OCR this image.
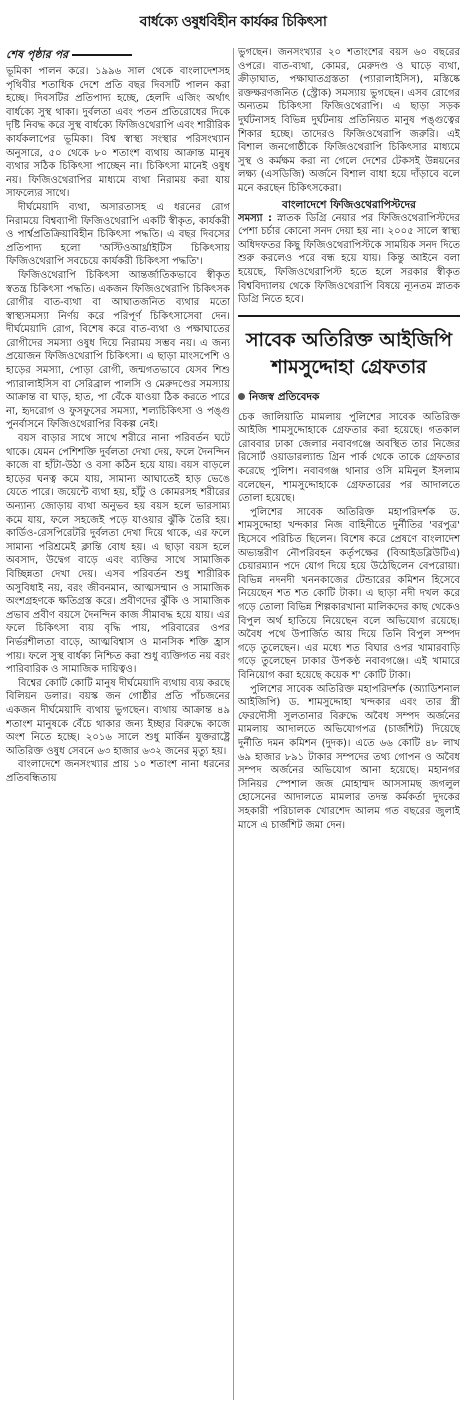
বার্ধক্যে ওষুধবিহীন কার্যকর চিকিৎসা
শেষ পৃষ্ঠার পর

ভূমিকা পালন করে। ১৯৯৬ সাল থেকে বাংলাদেশসহ পৃথিবীর শতাধিক দেশে প্রতি বছর দিবসটি পালন করা হচ্ছে। দিবসটির প্রতিপাদ্য হচ্ছে, হেলদি এজিং অর্থাৎ বার্ধক্যে সুস্থ থাকা। দুর্বলতা এবং পতন প্রতিরোধের দিকে দৃষ্টি নিবদ্ধ করে সুস্থ বার্ধক্যে ফিজিওথেরাপি এবং শারীরিক কার্যকলাপের ভূমিকা। বিশ্ব স্বাস্থ্য সংস্থার পরিসংখ্যান অনুসারে, ৫০ থেকে ৮০ শতাংশ ব্যথায় আক্রান্ত মানুষ ব্যথার সঠিক চিকিৎসা পাচ্ছেন না। চিকিৎসা মানেই ওষুধ নয়। ফিজিওথেরাপির মাধ্যমে ব্যথা নিরাময় করা যায় সাফল্যের সাথে।

দীর্ঘমেয়াদি ব্যথা, অসারতাসহ এ ধরনের রোগ নিরাময়ে বিশ্বব্যাপী ফিজিওথেরাপি একটি স্বীকৃত, কার্যকরী ও পার্শ্বপ্রতিক্রিয়াবিহীন চিকিৎসা পদ্ধতি। এ বছর দিবসের প্রতিপাদ্য হলো 'অস্টিওআর্থ্রাইটিস চিকিৎসায় ফিজিওথেরাপি সবচেয়ে কার্যকরী চিকিৎসা পদ্ধতি'।

ফিজিওথেরাপি চিকিৎসা আন্তর্জাতিকভাবে স্বীকৃত স্বতন্ত্র চিকিৎসা পদ্ধতি। একজন ফিজিওথেরাপি চিকিৎসক রোগীর বাত-ব্যথা বা আঘাতজনিত ব্যথার মতো স্বাস্থ্যসমস্যা নির্ণয় করে পরিপূর্ণ চিকিৎসাসেবা দেন। দীর্ঘমেয়াদি রোগ, বিশেষ করে বাত-ব্যথা ও পক্ষাঘাতের রোগীদের সমস্যা ওষুধ দিয়ে নিরাময় সম্ভব নয়। এ জন্য প্রয়োজন ফিজিওথেরাপি চিকিৎসা। এ ছাড়া মাংসপেশি ও হাড়ের সমস্যা, পোড়া রোগী, জন্মগতভাবে যেসব শিশু প্যারালাইসিস বা সেরিব্রাল পালসি ও মেরুদণ্ডের সমস্যায় আক্রান্ত বা ঘাড়, হাত, পা বেঁকে যাওয়া ঠিক করতে পারে না, হৃদরোগ ও ফুসফুসের সমস্যা, শল্যচিকিৎসা ও পঙ্গু পুনর্বাসনে ফিজিওথেরাপির বিকল্প নেই।

বয়স বাড়ার সাথে সাথে শরীরে নানা পরিবর্তন ঘটে থাকে। যেমন পেশিশক্তি দুর্বলতা দেখা দেয়, ফলে দৈনন্দিন কাজে বা হাঁটা-উঠা ও বসা কঠিন হয়ে যায়। বয়স বাড়লে হাড়ের ঘনত্ব কমে যায়, সামান্য আঘাতেই হাড় ভেঙে যেতে পারে। জয়েন্টে ব্যথা হয়, হাঁটু ও কোমরসহ শরীরের অন্যান্য জোড়ায় ব্যথা অনুভব হয় বয়স হলে ভারসাম্য কমে যায়, ফলে সহজেই পড়ে যাওয়ার ঝুঁকি তৈরি হয়। কার্ডিও-রেসপিরেটরি দুর্বলতা দেখা দিয়ে থাকে, এর ফলে সামান্য পরিশ্রমেই ক্লান্তি বোধ হয়। এ ছাড়া বয়স হলে অবসাদ, উদ্বেগ বাড়ে এবং ব্যক্তির সাথে সামাজিক বিচ্ছিন্নতা দেখা দেয়। এসব পরিবর্তন শুধু শারীরিক অসুবিধাই নয়, বরং জীবনমান, আত্মসম্মান ও সামাজিক অংশগ্রহণকে ক্ষতিগ্রস্ত করে। প্রবীণদের ঝুঁকি ও সামাজিক প্রভাব প্রবীণ বয়সে দৈনন্দিন কাজ সীমাবদ্ধ হয়ে যায়। এর ফলে চিকিৎসা ব্যয় বৃদ্ধি পায়, পরিবারের ওপর নির্ভরশীলতা বাড়ে, আত্মবিশ্বাস ও মানসিক শক্তি হ্রাস পায়। ফলে সুস্থ বার্ধক্য নিশ্চিত করা শুধু ব্যক্তিগত নয় বরং পারিবারিক ও সামাজিক দায়িত্বও।

বিশ্বের কোটি কোটি মানুষ দীর্ঘমেয়াদি ব্যথায় ব্যয় করছে বিলিয়ন ডলার। বয়স্ক জন গোষ্ঠীর প্রতি পাঁচজনের একজন দীর্ঘমেয়াদি ব্যথায় ভুগছেন। ব্যথায় আক্রান্ত ৪৯ শতাংশ মানুষকে বেঁচে থাকার জন্য ইচ্ছার বিরুদ্ধে কাজে অংশ নিতে হচ্ছে। ২০১৬ সালে শুধু মার্কিন যুক্তরাষ্ট্রে অতিরিক্ত ওষুধ সেবনে ৬৩ হাজার ৬৩২ জনের মৃত্যু হয়।

বাংলাদেশে জনসংখ্যার প্রায় ১০ শতাংশ নানা ধরনের প্রতিবন্ধিতায়

ভুগছেন। জনসংখ্যার ২০ শতাংশের বয়স ৬০ বছরের ওপরে। বাত-ব্যথা, কোমর, মেরুদণ্ড ও ঘাড়ে ব্যথা, ক্রীড়াঘাত, পক্ষাঘাতগ্রস্ততা (প্যারালাইসিস), মস্তিষ্কে রক্তক্ষরণজনিত (স্ট্রোক) সমস্যায় ভুগছেন। এসব রোগের অন্যতম চিকিৎসা ফিজিওথেরাপি। এ ছাড়া সড়ক দুর্ঘটনাসহ বিভিন্ন দুর্ঘটনায় প্রতিনিয়ত মানুষ পঙ্গুত্বের শিকার হচ্ছে। তাদেরও ফিজিওথেরাপি জরুরি। এই বিশাল জনগোষ্ঠীকে ফিজিওথেরাপি চিকিৎসার মাধ্যমে সুস্থ ও কর্মক্ষম করা না গেলে দেশের টেকসই উন্নয়নের লক্ষ্য (এসডিজি) অর্জনে বিশাল বাধা হয়ে দাঁড়াবে বলে মনে করছেন চিকিৎসকেরা।

বাংলাদেশে ফিজিওথেরাপিস্টদের

সমস্যা : স্নাতক ডিগ্রি নেয়ার পর ফিজিওথেরাপিস্টদের পেশা চর্চার কোনো সনদ দেয়া হয় না। ২০০৫ সালে স্বাস্থ্য অধিদফতর কিছু ফিজিওথেরাপিস্টকে সাময়িক সনদ দিতে শুরু করলেও পরে বন্ধ হয়ে যায়। কিন্তু আইনে বলা হয়েছে, ফিজিওথেরাপিস্ট হতে হলে সরকার স্বীকৃত বিশ্ববিদ্যালয় থেকে ফিজিওথেরাপি বিষয়ে ন্যূনতম স্নাতক ডিগ্রি নিতে হবে।

সাবেক অতিরিক্ত আইজিপি শামসুদ্দোহা গ্রেফতার
নিজস্ব প্রতিবেদক

চেক জালিয়াতি মামলায় পুলিশের সাবেক অতিরিক্ত আইজি শামসুদ্দোহাকে গ্রেফতার করা হয়েছে। গতকাল রোববার ঢাকা জেলার নবাবগঞ্জে অবস্থিত তার নিজের রিসোর্ট ওয়াডারল্যান্ড গ্রিন পার্ক থেকে তাকে গ্রেফতার করেছে পুলিশ। নবাবগঞ্জ থানার ওসি মমিনুল ইসলাম বলেছেন, শামসুদ্দোহাকে গ্রেফতারের পর আদালতে তোলা হয়েছে।

পুলিশের সাবেক অতিরিক্ত মহাপরিদর্শক ড. শামসুদ্দোহা খন্দকার নিজ বাহিনীতে দুর্নীতির 'বরপুত্র' হিসেবে পরিচিত ছিলেন। বিশেষ করে প্রেষণে বাংলাদেশ অভ্যন্তরীণ নৌপরিবহন কর্তৃপক্ষের (বিআইডব্লিউটিএ) চেয়ারম্যান পদে যোগ দিয়ে হয়ে উঠেছিলেন বেপরোয়া। বিভিন্ন নদনদী খননকাজের টেন্ডারের কমিশন হিসেবে নিয়েছেন শত শত কোটি টাকা। এ ছাড়া নদী দখল করে গড়ে তোলা বিভিন্ন শিল্পকারখানা মালিকদের কাছ থেকেও বিপুল অর্থ হাতিয়ে নিয়েছেন বলে অভিযোগ রয়েছে। অবৈধ পথে উপার্জিত আয় দিয়ে তিনি বিপুল সম্পদ গড়ে তুলেছেন। এর মধ্যে শত বিঘার ওপর খামারবাড়ি গড়ে তুলেছেন ঢাকার উপকণ্ঠ নবাবগঞ্জে। এই খামারে বিনিয়োগ করা হয়েছে কয়েক শ' কোটি টাকা।

পুলিশের সাবেক অতিরিক্ত মহাপরিদর্শক (অ্যাডিশনাল আইজিপি) ড. শামসুদ্দোহা খন্দকার এবং তার স্ত্রী ফেরদৌসী সুলতানার বিরুদ্ধে অবৈধ সম্পদ অর্জনের মামলায় আদালতে অভিযোগপত্র (চার্জশিট) দিয়েছে দুর্নীতি দমন কমিশন (দুদক)। এতে ৬৬ কোটি ৪৮ লাখ ৬৯ হাজার ৮৯১ টাকার সম্পদের তথ্য গোপন ও অবৈধ সম্পদ অর্জনের অভিযোগ আনা হয়েছে। মহানগর সিনিয়র স্পেশাল জজ মোহাম্মদ আসসামছ জগলুল হোসেনের আদালতে মামলার তদন্ত কর্মকর্তা দুদকের সহকারী পরিচালক খোরশেদ আলম গত বছরের জুলাই মাসে এ চার্জশিট জমা দেন।
